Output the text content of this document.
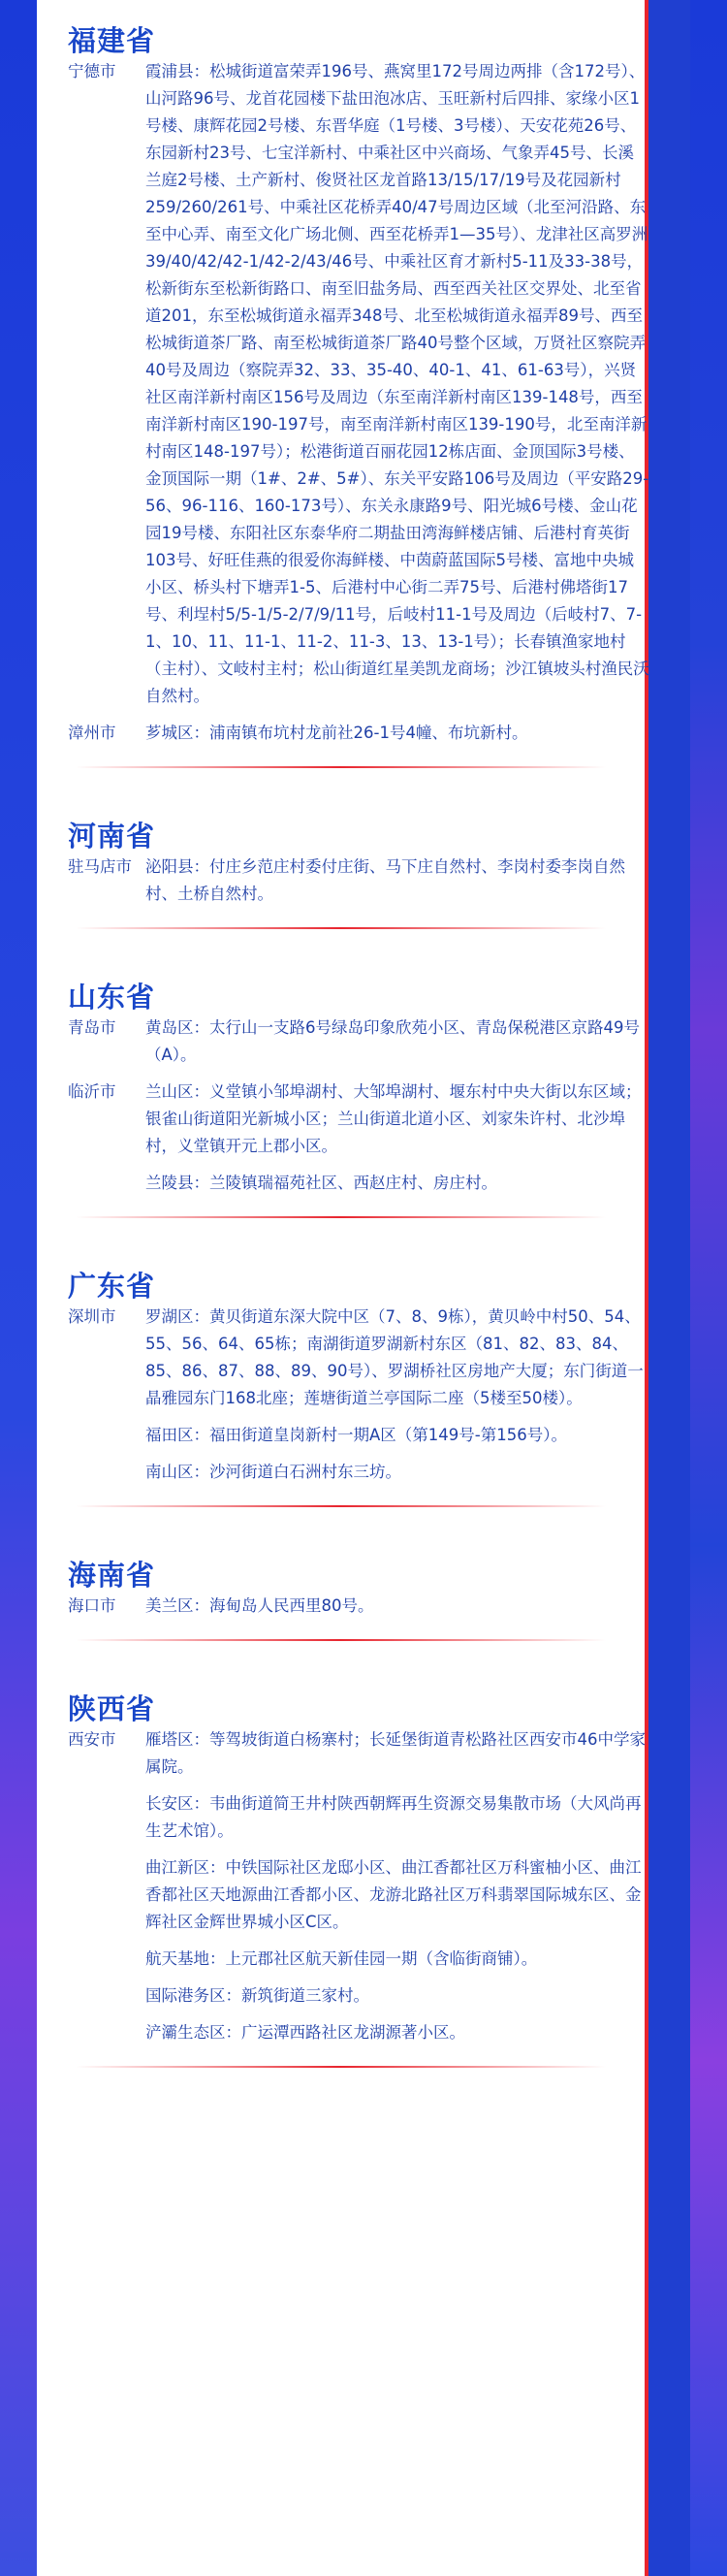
福建省
宁德市	霞浦县：松城街道富荣弄196号、燕窝里172号周边两排（含172号）、山河路96号、龙首花园楼下盐田泡冰店、玉旺新村后四排、家缘小区1号楼、康辉花园2号楼、东晋华庭（1号楼、3号楼）、天安花苑26号、东园新村23号、七宝洋新村、中乘社区中兴商场、气象弄45号、长溪兰庭2号楼、土产新村、俊贤社区龙首路13/15/17/19号及花园新村259/260/261号、中乘社区花桥弄40/47号周边区域（北至河沿路、东至中心弄、南至文化广场北侧、西至花桥弄1—35号）、龙津社区高罗洲39/40/42/42-1/42-2/43/46号、中乘社区育才新村5-11及33-38号，松新街东至松新街路口、南至旧盐务局、西至西关社区交界处、北至省道201，东至松城街道永福弄348号、北至松城街道永福弄89号、西至松城街道茶厂路、南至松城街道茶厂路40号整个区域，万贤社区察院弄40号及周边（察院弄32、33、35-40、40-1、41、61-63号），兴贤社区南洋新村南区156号及周边（东至南洋新村南区139-148号，西至南洋新村南区190-197号，南至南洋新村南区139-190号，北至南洋新村南区148-197号）；松港街道百丽花园12栋店面、金顶国际3号楼、金顶国际一期（1#、2#、5#）、东关平安路106号及周边（平安路29-56、96-116、160-173号）、东关永康路9号、阳光城6号楼、金山花园19号楼、东阳社区东泰华府二期盐田湾海鲜楼店铺、后港村育英街103号、好旺佳燕的很爱你海鲜楼、中茵蔚蓝国际5号楼、富地中央城小区、桥头村下塘弄1-5、后港村中心街二弄75号、后港村佛塔街17号、利埕村5/5-1/5-2/7/9/11号，后岐村11-1号及周边（后岐村7、7-1、10、11、11-1、11-2、11-3、13、13-1号）；长春镇渔家地村（主村）、文岐村主村；松山街道红星美凯龙商场；沙江镇坡头村渔民沃自然村。
漳州市	芗城区：浦南镇布坑村龙前社26-1号4幢、布坑新村。
河南省
驻马店市 泌阳县：付庄乡范庄村委付庄街、马下庄自然村、李岗村委李岗自然村、土桥自然村。
山东省
青岛市	黄岛区：太行山一支路6号绿岛印象欣苑小区、青岛保税港区京路49号（A）。
临沂市	兰山区：义堂镇小邹埠湖村、大邹埠湖村、堰东村中央大街以东区域；银雀山街道阳光新城小区；兰山街道北道小区、刘家朱许村、北沙埠村，义堂镇开元上郡小区。
兰陵县：兰陵镇瑞福苑社区、西赵庄村、房庄村。
广东省
深圳市	罗湖区：黄贝街道东深大院中区（7、8、9栋），黄贝岭中村50、54、55、56、64、65栋；南湖街道罗湖新村东区（81、82、83、84、85、86、87、88、89、90号）、罗湖桥社区房地产大厦；东门街道一晶雅园东门168北座；莲塘街道兰亭国际二座（5楼至50楼）。
福田区：福田街道皇岗新村一期A区（第149号-第156号）。
南山区：沙河街道白石洲村东三坊。
海南省
海口市	美兰区：海甸岛人民西里80号。
陕西省
西安市	雁塔区：等驾坡街道白杨寨村；长延堡街道青松路社区西安市46中学家属院。
长安区：韦曲街道简王井村陕西朝辉再生资源交易集散市场（大风尚再生艺术馆）。
曲江新区：中铁国际社区龙邸小区、曲江香都社区万科蜜柚小区、曲江香都社区天地源曲江香都小区、龙游北路社区万科翡翠国际城东区、金辉社区金辉世界城小区C区。
航天基地：上元郡社区航天新佳园一期（含临街商铺）。
国际港务区：新筑街道三家村。
浐灞生态区：广运潭西路社区龙湖源著小区。
